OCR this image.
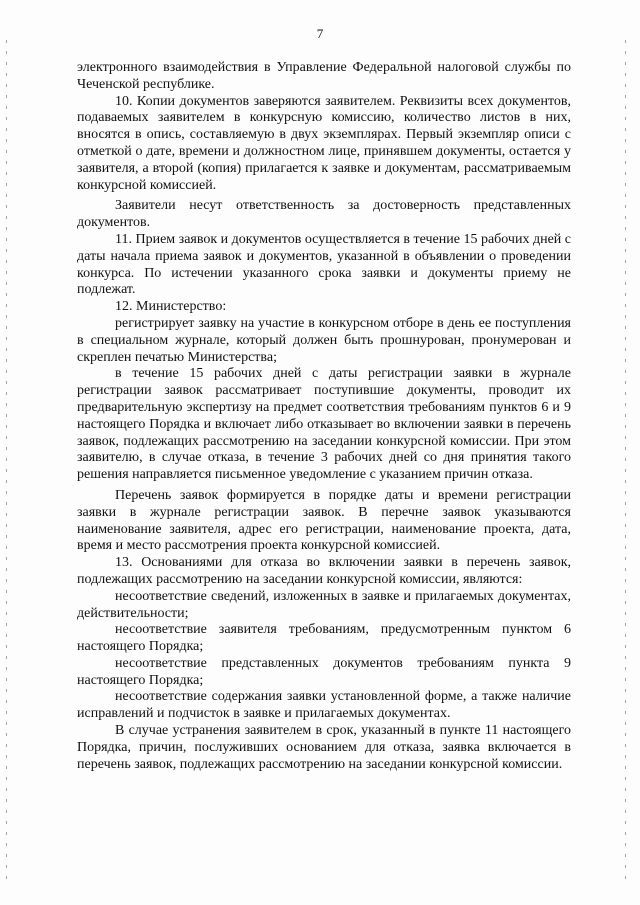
7

электронного взаимодействия в Управление Федеральной налоговой службы по Чеченской республике.

10. Копии документов заверяются заявителем. Реквизиты всех документов, подаваемых заявителем в конкурсную комиссию, количество листов в них, вносятся в опись, составляемую в двух экземплярах. Первый экземпляр описи с отметкой о дате, времени и должностном лице, принявшем документы, остается у заявителя, а второй (копия) прилагается к заявке и документам, рассматриваемым конкурсной комиссией.

Заявители несут ответственность за достоверность представленных документов.

11. Прием заявок и документов осуществляется в течение 15 рабочих дней с даты начала приема заявок и документов, указанной в объявлении о проведении конкурса. По истечении указанного срока заявки и документы приему не подлежат.

12. Министерство:

регистрирует заявку на участие в конкурсном отборе в день ее поступления в специальном журнале, который должен быть прошнурован, пронумерован и скреплен печатью Министерства;

в течение 15 рабочих дней с даты регистрации заявки в журнале регистрации заявок рассматривает поступившие документы, проводит их предварительную экспертизу на предмет соответствия требованиям пунктов 6 и 9 настоящего Порядка и включает либо отказывает во включении заявки в перечень заявок, подлежащих рассмотрению на заседании конкурсной комиссии. При этом заявителю, в случае отказа, в течение 3 рабочих дней со дня принятия такого решения направляется письменное уведомление с указанием причин отказа.

Перечень заявок формируется в порядке даты и времени регистрации заявки в журнале регистрации заявок. В перечне заявок указываются наименование заявителя, адрес его регистрации, наименование проекта, дата, время и место рассмотрения проекта конкурсной комиссией.

13. Основаниями для отказа во включении заявки в перечень заявок, подлежащих рассмотрению на заседании конкурсной комиссии, являются:

несоответствие сведений, изложенных в заявке и прилагаемых документах, действительности;

несоответствие заявителя требованиям, предусмотренным пунктом 6 настоящего Порядка;

несоответствие представленных документов требованиям пункта 9 настоящего Порядка;

несоответствие содержания заявки установленной форме, а также наличие исправлений и подчисток в заявке и прилагаемых документах.

В случае устранения заявителем в срок, указанный в пункте 11 настоящего Порядка, причин, послуживших основанием для отказа, заявка включается в перечень заявок, подлежащих рассмотрению на заседании конкурсной комиссии.
